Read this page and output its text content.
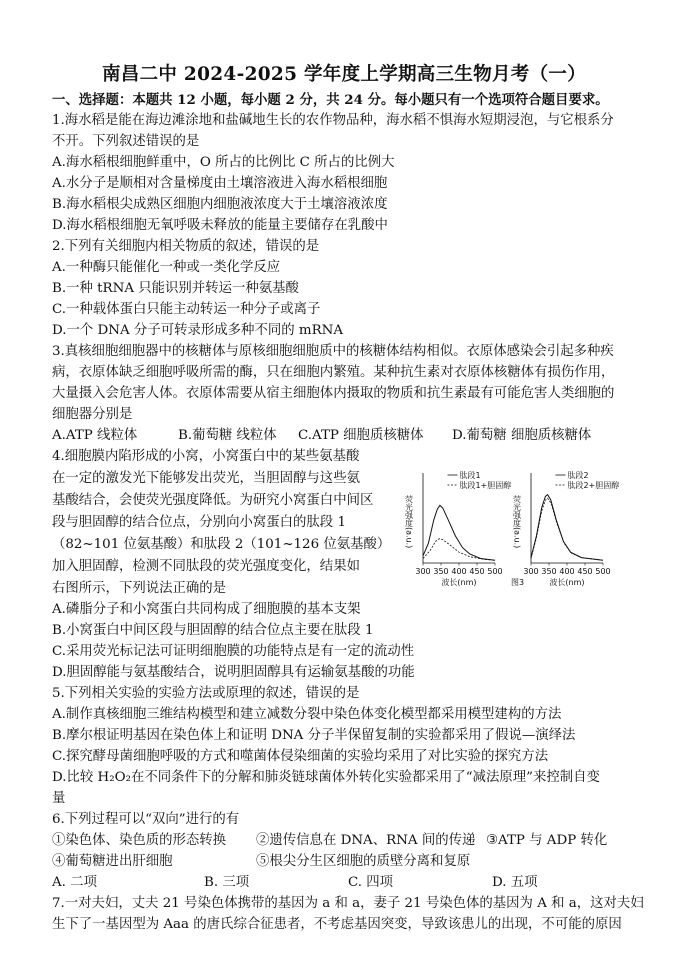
南昌二中 2024-2025 学年度上学期高三生物月考（一）
一、选择题：本题共 12 小题，每小题 2 分，共 24 分。每小题只有一个选项符合题目要求。
1.海水稻是能在海边滩涂地和盐碱地生长的农作物品种，海水稻不惧海水短期浸泡，与它根系分
不开。下列叙述错误的是
A.海水稻根细胞鲜重中，O 所占的比例比 C 所占的比例大
A.水分子是顺相对含量梯度由土壤溶液进入海水稻根细胞
B.海水稻根尖成熟区细胞内细胞液浓度大于土壤溶液浓度
D.海水稻根细胞无氧呼吸未释放的能量主要储存在乳酸中
2.下列有关细胞内相关物质的叙述，错误的是
A.一种酶只能催化一种或一类化学反应
B.一种 tRNA 只能识别并转运一种氨基酸
C.一种载体蛋白只能主动转运一种分子或离子
D.一个 DNA 分子可转录形成多种不同的 mRNA
3.真核细胞细胞器中的核糖体与原核细胞细胞质中的核糖体结构相似。衣原体感染会引起多种疾
病，衣原体缺乏细胞呼吸所需的酶，只在细胞内繁殖。某种抗生素对衣原体核糖体有损伤作用，
大量摄入会危害人体。衣原体需要从宿主细胞体内摄取的物质和抗生素最有可能危害人类细胞的
细胞器分别是
A.ATP 线粒体	B.葡萄糖 线粒体 C.ATP 细胞质核糖体 D.葡萄糖 细胞质核糖体
4.细胞膜内陷形成的小窝，小窝蛋白中的某些氨基酸
在一定的激发光下能够发出荧光，当胆固醇与这些氨
基酸结合，会使荧光强度降低。为研究小窝蛋白中间区
段与胆固醇的结合位点，分别向小窝蛋白的肽段 1
（82~101 位氨基酸）和肽段 2（101~126 位氨基酸）
加入胆固醇，检测不同肽段的荧光强度变化，结果如
右图所示，下列说法正确的是
荧光强度(a.u.)
300 350 400 450 500
波长(nm)
肽段1
肽段1+胆固醇
荧光强度(a.u.)
300 350 400 450 500
波长(nm)
肽段2
肽段2+胆固醇
图3
A.磷脂分子和小窝蛋白共同构成了细胞膜的基本支架
B.小窝蛋白中间区段与胆固醇的结合位点主要在肽段 1
C.采用荧光标记法可证明细胞膜的功能特点是有一定的流动性
D.胆固醇能与氨基酸结合，说明胆固醇具有运输氨基酸的功能
5.下列相关实验的实验方法或原理的叙述，错误的是
A.制作真核细胞三维结构模型和建立减数分裂中染色体变化模型都采用模型建构的方法
B.摩尔根证明基因在染色体上和证明 DNA 分子半保留复制的实验都采用了假说—演绎法
C.探究酵母菌细胞呼吸的方式和噬菌体侵染细菌的实验均采用了对比实验的探究方法
D.比较 H₂O₂在不同条件下的分解和肺炎链球菌体外转化实验都采用了“减法原理”来控制自变
量
6.下列过程可以“双向”进行的有
①染色体、染色质的形态转换 ②遗传信息在 DNA、RNA 间的传递 ③ATP 与 ADP 转化
④葡萄糖进出肝细胞	⑤根尖分生区细胞的质壁分离和复原
A. 二项	B. 三项	C. 四项	D. 五项
7.一对夫妇，丈夫 21 号染色体携带的基因为 a 和 a，妻子 21 号染色体的基因为 A 和 a，这对夫妇
生下了一基因型为 Aaa 的唐氏综合征患者，不考虑基因突变，导致该患儿的出现，不可能的原因
